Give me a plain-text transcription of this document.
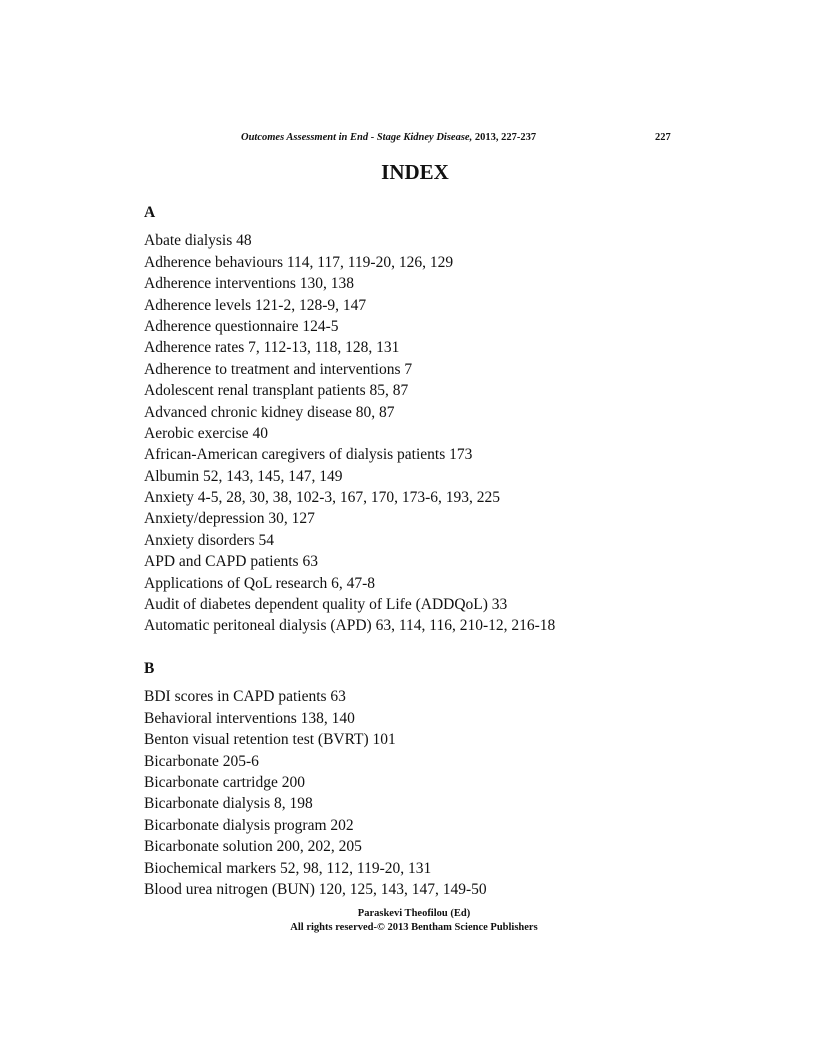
Outcomes Assessment in End - Stage Kidney Disease, 2013, 227-237	227
INDEX
A
Abate dialysis 48
Adherence behaviours 114, 117, 119-20, 126, 129
Adherence interventions 130, 138
Adherence levels 121-2, 128-9, 147
Adherence questionnaire 124-5
Adherence rates 7, 112-13, 118, 128, 131
Adherence to treatment and interventions 7
Adolescent renal transplant patients 85, 87
Advanced chronic kidney disease 80, 87
Aerobic exercise 40
African-American caregivers of dialysis patients 173
Albumin 52, 143, 145, 147, 149
Anxiety 4-5, 28, 30, 38, 102-3, 167, 170, 173-6, 193, 225
Anxiety/depression 30, 127
Anxiety disorders 54
APD and CAPD patients 63
Applications of QoL research 6, 47-8
Audit of diabetes dependent quality of Life (ADDQoL) 33
Automatic peritoneal dialysis (APD) 63, 114, 116, 210-12, 216-18
B
BDI scores in CAPD patients 63
Behavioral interventions 138, 140
Benton visual retention test (BVRT) 101
Bicarbonate 205-6
Bicarbonate cartridge 200
Bicarbonate dialysis 8, 198
Bicarbonate dialysis program 202
Bicarbonate solution 200, 202, 205
Biochemical markers 52, 98, 112, 119-20, 131
Blood urea nitrogen (BUN) 120, 125, 143, 147, 149-50
Paraskevi Theofilou (Ed)
All rights reserved-© 2013 Bentham Science Publishers
